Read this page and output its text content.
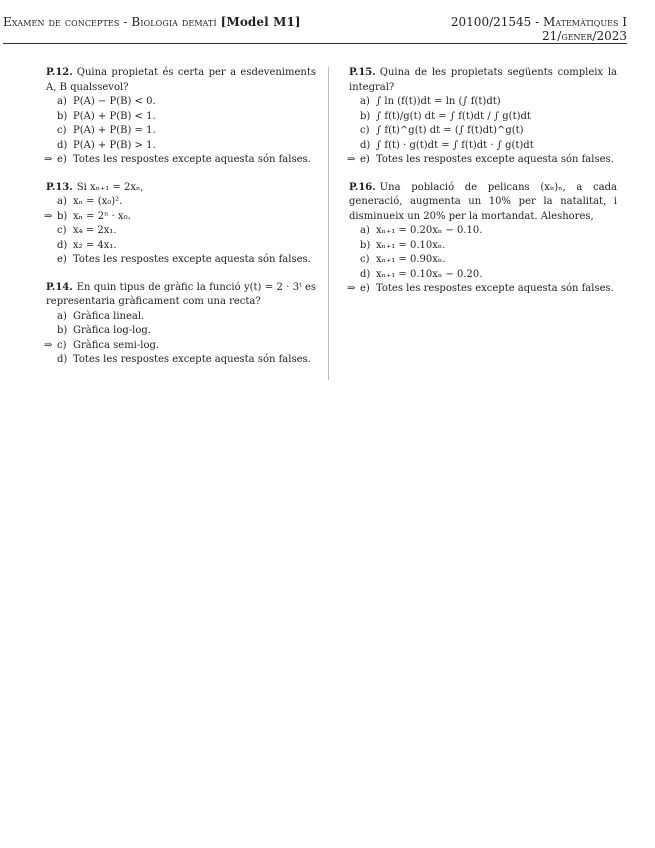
Examen de conceptes - Biologia dematí [Model M1]	20100/21545 - Matemàtiques I
21/gener/2023
P.12. Quina propietat és certa per a esdeveniments A, B qualssevol?
a) P(A) − P(B) < 0.
b) P(A) + P(B) < 1.
c) P(A) + P(B) = 1.
d) P(A) + P(B) > 1.
⇒ e) Totes les respostes excepte aquesta són falses.
P.13. Si xₙ₊₁ = 2xₙ,
a) xₙ = (x₀)².
⇒ b) xₙ = 2ⁿ · x₀.
c) x₄ = 2x₁.
d) x₂ = 4x₁.
e) Totes les respostes excepte aquesta són falses.
P.14. En quin tipus de gràfic la funció y(t) = 2 · 3ᵗ es representaria gràficament com una recta?
a) Gràfica lineal.
b) Gràfica log-log.
⇒ c) Gràfica semi-log.
d) Totes les respostes excepte aquesta són falses.
P.15. Quina de les propietats següents compleix la integral?
a) ∫ ln (f(t))dt = ln (∫ f(t)dt)
b) ∫ f(t)/g(t) dt = ∫ f(t)dt / ∫ g(t)dt
c) ∫ f(t)^g(t) dt = (∫ f(t)dt)^g(t)
d) ∫ f(t) · g(t)dt = ∫ f(t)dt · ∫ g(t)dt
⇒ e) Totes les respostes excepte aquesta són falses.
P.16. Una població de pelicans (xₙ)ₙ, a cada generació, augmenta un 10% per la natalitat, i disminueix un 20% per la mortandat. Aleshores,
a) xₙ₊₁ = 0.20xₙ − 0.10.
b) xₙ₊₁ = 0.10xₙ.
c) xₙ₊₁ = 0.90xₙ.
d) xₙ₊₁ = 0.10xₙ − 0.20.
⇒ e) Totes les respostes excepte aquesta són falses.
